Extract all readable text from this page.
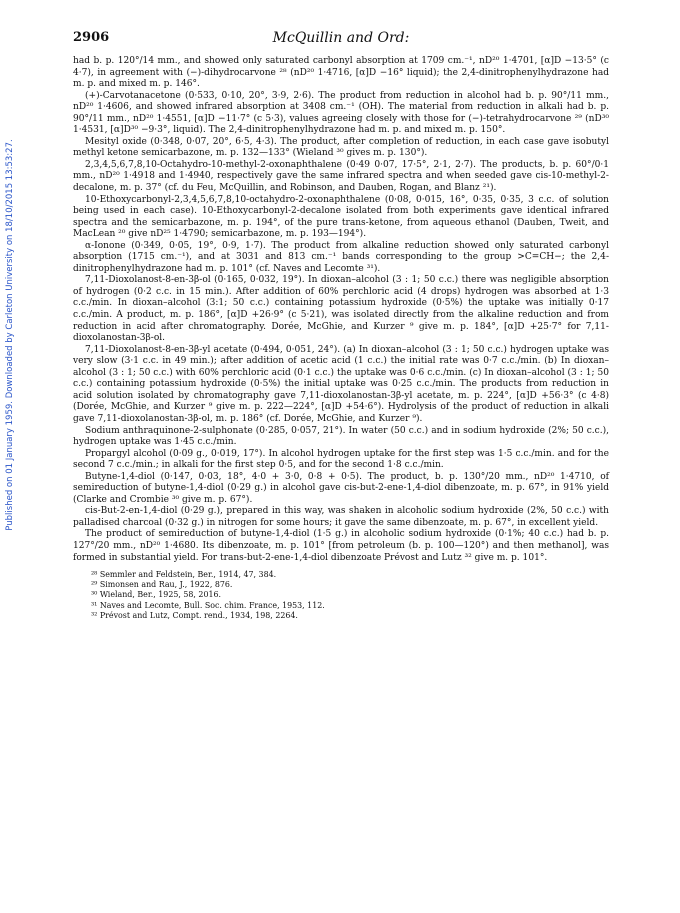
Published on 01 January 1959. Downloaded by Carleton University on 18/10/2015 13:53:27.
2906	McQuillin and Ord:

had b. p. 120°/14 mm., and showed only saturated carbonyl absorption at 1709 cm.⁻¹, nD²⁰ 1·4701, [α]D −13·5° (c 4·7), in agreement with (−)-dihydrocarvone ²⁸ (nD²⁰ 1·4716, [α]D −16° liquid); the 2,4-dinitrophenylhydrazone had m. p. and mixed m. p. 146°.

(+)-Carvotanacetone (0·533, 0·10, 20°, 3·9, 2·6). The product from reduction in alcohol had b. p. 90°/11 mm., nD²⁰ 1·4606, and showed infrared absorption at 3408 cm.⁻¹ (OH). The material from reduction in alkali had b. p. 90°/11 mm., nD²⁰ 1·4551, [α]D −11·7° (c 5·3), values agreeing closely with those for (−)-tetrahydrocarvone ²⁹ (nD³⁰ 1·4531, [α]D³⁰ −9·3°, liquid). The 2,4-dinitrophenylhydrazone had m. p. and mixed m. p. 150°.

Mesityl oxide (0·348, 0·07, 20°, 6·5, 4·3). The product, after completion of reduction, in each case gave isobutyl methyl ketone semicarbazone, m. p. 132—133° (Wieland ³⁰ gives m. p. 130°).

2,3,4,5,6,7,8,10-Octahydro-10-methyl-2-oxonaphthalene (0·49 0·07, 17·5°, 2·1, 2·7). The products, b. p. 60°/0·1 mm., nD²⁰ 1·4918 and 1·4940, respectively gave the same infrared spectra and when seeded gave cis-10-methyl-2-decalone, m. p. 37° (cf. du Feu, McQuillin, and Robinson, and Dauben, Rogan, and Blanz ²¹).

10-Ethoxycarbonyl-2,3,4,5,6,7,8,10-octahydro-2-oxonaphthalene (0·08, 0·015, 16°, 0·35, 0·35, 3 c.c. of solution being used in each case). 10-Ethoxycarbonyl-2-decalone isolated from both experiments gave identical infrared spectra and the semicarbazone, m. p. 194°, of the pure trans-ketone, from aqueous ethanol (Dauben, Tweit, and MacLean ²⁰ give nD²⁵ 1·4790; semicarbazone, m. p. 193—194°).

α-Ionone (0·349, 0·05, 19°, 0·9, 1·7). The product from alkaline reduction showed only saturated carbonyl absorption (1715 cm.⁻¹), and at 3031 and 813 cm.⁻¹ bands corresponding to the group >C=CH−; the 2,4-dinitrophenylhydrazone had m. p. 101° (cf. Naves and Lecomte ³¹).

7,11-Dioxolanost-8-en-3β-ol (0·165, 0·032, 19°). In dioxan–alcohol (3 : 1; 50 c.c.) there was negligible absorption of hydrogen (0·2 c.c. in 15 min.). After addition of 60% perchloric acid (4 drops) hydrogen was absorbed at 1·3 c.c./min. In dioxan–alcohol (3:1; 50 c.c.) containing potassium hydroxide (0·5%) the uptake was initially 0·17 c.c./min. A product, m. p. 186°, [α]D +26·9° (c 5·21), was isolated directly from the alkaline reduction and from reduction in acid after chromatography. Dorée, McGhie, and Kurzer ⁹ give m. p. 184°, [α]D +25·7° for 7,11-dioxolanostan-3β-ol.

7,11-Dioxolanost-8-en-3β-yl acetate (0·494, 0·051, 24°). (a) In dioxan–alcohol (3 : 1; 50 c.c.) hydrogen uptake was very slow (3·1 c.c. in 49 min.); after addition of acetic acid (1 c.c.) the initial rate was 0·7 c.c./min. (b) In dioxan–alcohol (3 : 1; 50 c.c.) with 60% perchloric acid (0·1 c.c.) the uptake was 0·6 c.c./min. (c) In dioxan–alcohol (3 : 1; 50 c.c.) containing potassium hydroxide (0·5%) the initial uptake was 0·25 c.c./min. The products from reduction in acid solution isolated by chromatography gave 7,11-dioxolanostan-3β-yl acetate, m. p. 224°, [α]D +56·3° (c 4·8) (Dorée, McGhie, and Kurzer ⁹ give m. p. 222—224°, [α]D +54·6°). Hydrolysis of the product of reduction in alkali gave 7,11-dioxolanostan-3β-ol, m. p. 186° (cf. Dorée, McGhie, and Kurzer ⁹).

Sodium anthraquinone-2-sulphonate (0·285, 0·057, 21°). In water (50 c.c.) and in sodium hydroxide (2%; 50 c.c.), hydrogen uptake was 1·45 c.c./min.

Propargyl alcohol (0·09 g., 0·019, 17°). In alcohol hydrogen uptake for the first step was 1·5 c.c./min. and for the second 7 c.c./min.; in alkali for the first step 0·5, and for the second 1·8 c.c./min.

Butyne-1,4-diol (0·147, 0·03, 18°, 4·0 + 3·0, 0·8 + 0·5). The product, b. p. 130°/20 mm., nD²⁰ 1·4710, of semireduction of butyne-1,4-diol (0·29 g.) in alcohol gave cis-but-2-ene-1,4-diol dibenzoate, m. p. 67°, in 91% yield (Clarke and Crombie ³⁰ give m. p. 67°).

cis-But-2-en-1,4-diol (0·29 g.), prepared in this way, was shaken in alcoholic sodium hydroxide (2%, 50 c.c.) with palladised charcoal (0·32 g.) in nitrogen for some hours; it gave the same dibenzoate, m. p. 67°, in excellent yield.

The product of semireduction of butyne-1,4-diol (1·5 g.) in alcoholic sodium hydroxide (0·1%; 40 c.c.) had b. p. 127°/20 mm., nD²⁰ 1·4680. Its dibenzoate, m. p. 101° [from petroleum (b. p. 100—120°) and then methanol], was formed in substantial yield. For trans-but-2-ene-1,4-diol dibenzoate Prévost and Lutz ³² give m. p. 101°.

²⁸ Semmler and Feldstein, Ber., 1914, 47, 384.
²⁹ Simonsen and Rau, J., 1922, 876.
³⁰ Wieland, Ber., 1925, 58, 2016.
³¹ Naves and Lecomte, Bull. Soc. chim. France, 1953, 112.
³² Prévost and Lutz, Compt. rend., 1934, 198, 2264.
